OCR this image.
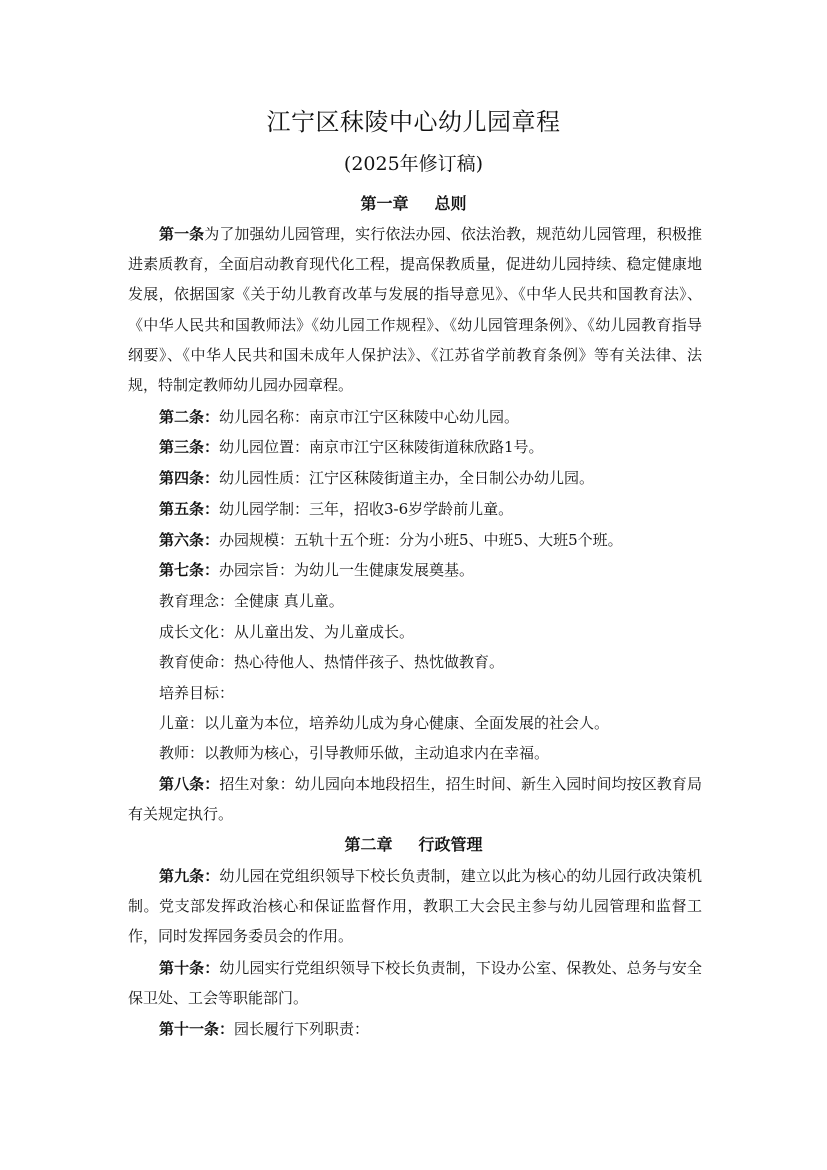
江宁区秣陵中心幼儿园章程
(2025年修订稿)
第一章 总则
第一条为了加强幼儿园管理，实行依法办园、依法治教，规范幼儿园管理，积极推进素质教育，全面启动教育现代化工程，提高保教质量，促进幼儿园持续、稳定健康地发展，依据国家《关于幼儿教育改革与发展的指导意见》、《中华人民共和国教育法》、《中华人民共和国教师法》《幼儿园工作规程》、《幼儿园管理条例》、《幼儿园教育指导纲要》、《中华人民共和国未成年人保护法》、《江苏省学前教育条例》等有关法律、法规，特制定教师幼儿园办园章程。
第二条：幼儿园名称：南京市江宁区秣陵中心幼儿园。
第三条：幼儿园位置：南京市江宁区秣陵街道秣欣路1号。
第四条：幼儿园性质：江宁区秣陵街道主办，全日制公办幼儿园。
第五条：幼儿园学制：三年，招收3-6岁学龄前儿童。
第六条：办园规模：五轨十五个班：分为小班5、中班5、大班5个班。
第七条：办园宗旨：为幼儿一生健康发展奠基。
教育理念：全健康 真儿童。
成长文化：从儿童出发、为儿童成长。
教育使命：热心待他人、热情伴孩子、热忱做教育。
培养目标：
儿童：以儿童为本位，培养幼儿成为身心健康、全面发展的社会人。
教师：以教师为核心，引导教师乐做，主动追求内在幸福。
第八条：招生对象：幼儿园向本地段招生，招生时间、新生入园时间均按区教育局有关规定执行。
第二章 行政管理
第九条：幼儿园在党组织领导下校长负责制，建立以此为核心的幼儿园行政决策机制。党支部发挥政治核心和保证监督作用，教职工大会民主参与幼儿园管理和监督工作，同时发挥园务委员会的作用。
第十条：幼儿园实行党组织领导下校长负责制，下设办公室、保教处、总务与安全保卫处、工会等职能部门。
第十一条：园长履行下列职责：
